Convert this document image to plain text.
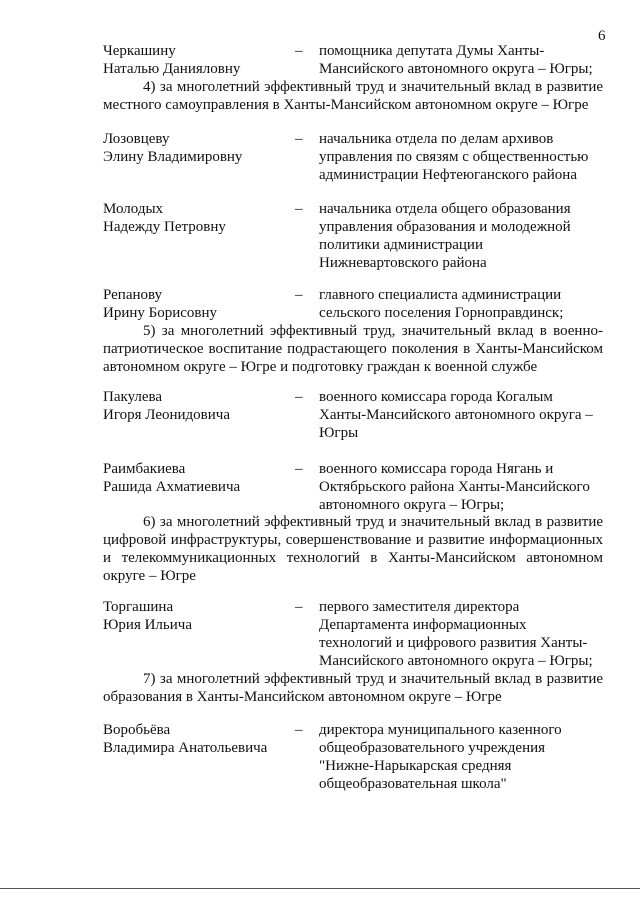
6
Черкашину
Наталью Данияловну
– помощника депутата Думы Ханты-
Мансийского автономного округа – Югры;
4) за многолетний эффективный труд и значительный вклад в развитие
местного самоуправления в Ханты-Мансийском автономном округе – Югре
Лозовцеву
Элину Владимировну
– начальника отдела по делам архивов
управления по связям с общественностью
администрации Нефтеюганского района
Молодых
Надежду Петровну
– начальника отдела общего образования
управления образования и молодежной
политики администрации
Нижневартовского района
Репанову
Ирину Борисовну
– главного специалиста администрации
сельского поселения Горноправдинск;
5) за многолетний эффективный труд, значительный вклад в военно-
патриотическое воспитание подрастающего поколения в Ханты-Мансийском
автономном округе – Югре и подготовку граждан к военной службе
Пакулева
Игоря Леонидовича
– военного комиссара города Когалым
Ханты-Мансийского автономного округа –
Югры
Раимбакиева
Рашида Ахматиевича
– военного комиссара города Нягань и
Октябрьского района Ханты-Мансийского
автономного округа – Югры;
6) за многолетний эффективный труд и значительный вклад в развитие
цифровой инфраструктуры, совершенствование и развитие информационных
и телекоммуникационных технологий в Ханты-Мансийском автономном
округе – Югре
Торгашина
Юрия Ильича
– первого заместителя директора
Департамента информационных
технологий и цифрового развития Ханты-
Мансийского автономного округа – Югры;
7) за многолетний эффективный труд и значительный вклад в развитие
образования в Ханты-Мансийском автономном округе – Югре
Воробьёва
Владимира Анатольевича
– директора муниципального казенного
общеобразовательного учреждения
"Нижне-Нарыкарская средняя
общеобразовательная школа"
